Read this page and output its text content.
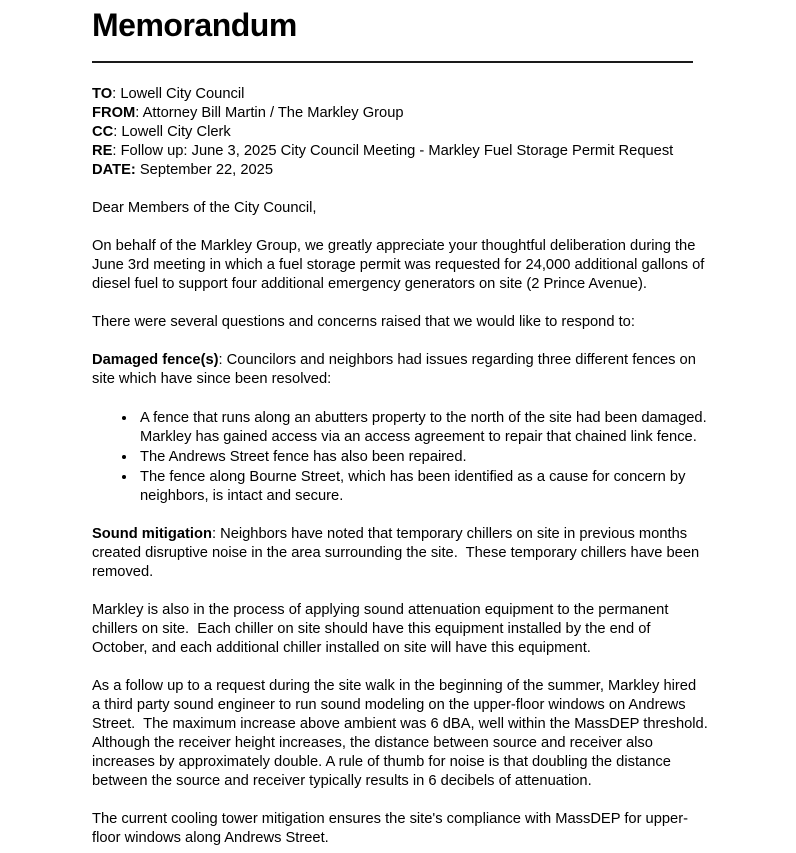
Memorandum

TO: Lowell City Council

FROM: Attorney Bill Martin / The Markley Group

CC: Lowell City Clerk

RE: Follow up: June 3, 2025 City Council Meeting - Markley Fuel Storage Permit Request

DATE: September 22, 2025

Dear Members of the City Council,

On behalf of the Markley Group, we greatly appreciate your thoughtful deliberation during the June 3rd meeting in which a fuel storage permit was requested for 24,000 additional gallons of diesel fuel to support four additional emergency generators on site (2 Prince Avenue).

There were several questions and concerns raised that we would like to respond to:

Damaged fence(s): Councilors and neighbors had issues regarding three different fences on site which have since been resolved:

• A fence that runs along an abutters property to the north of the site had been damaged. Markley has gained access via an access agreement to repair that chained link fence.
• The Andrews Street fence has also been repaired.
• The fence along Bourne Street, which has been identified as a cause for concern by neighbors, is intact and secure.

Sound mitigation: Neighbors have noted that temporary chillers on site in previous months created disruptive noise in the area surrounding the site.  These temporary chillers have been removed.

Markley is also in the process of applying sound attenuation equipment to the permanent chillers on site.  Each chiller on site should have this equipment installed by the end of October, and each additional chiller installed on site will have this equipment.

As a follow up to a request during the site walk in the beginning of the summer, Markley hired a third party sound engineer to run sound modeling on the upper-floor windows on Andrews Street.  The maximum increase above ambient was 6 dBA, well within the MassDEP threshold. Although the receiver height increases, the distance between source and receiver also increases by approximately double. A rule of thumb for noise is that doubling the distance between the source and receiver typically results in 6 decibels of attenuation.

The current cooling tower mitigation ensures the site's compliance with MassDEP for upper-floor windows along Andrews Street.
